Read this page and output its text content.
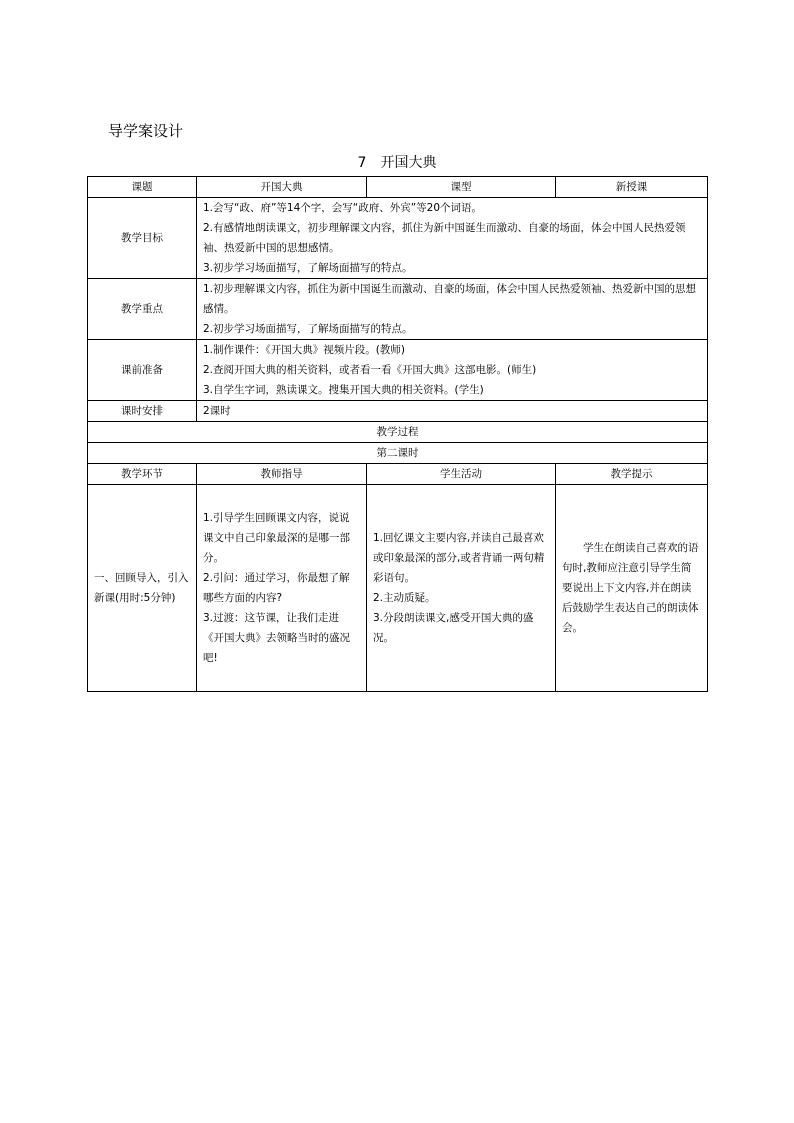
导学案设计
7 开国大典
课题	开国大典	课型	新授课
教学目标	1.会写“政、府”等14个字，会写“政府、外宾”等20个词语。
2.有感情地朗读课文，初步理解课文内容，抓住为新中国诞生而激动、自豪的场面，体会中国人民热爱领袖、热爱新中国的思想感情。
3.初步学习场面描写，了解场面描写的特点。		

教学重点	1.初步理解课文内容，抓住为新中国诞生而激动、自豪的场面，体会中国人民热爱领袖、热爱新中国的思想感情。
2.初步学习场面描写，了解场面描写的特点。		

课前准备	1.制作课件：《开国大典》视频片段。(教师)
2.查阅开国大典的相关资料，或者看一看《开国大典》这部电影。(师生)
3.自学生字词，熟读课文。搜集开国大典的相关资料。(学生)		

课时安排	2课时		
教学过程			
第二课时			
教学环节	教师指导	学生活动	教学提示
一、回顾导入，引入新课(用时:5分钟)	1.引导学生回顾课文内容，说说课文中自己印象最深的是哪一部分。
2.引问：通过学习，你最想了解哪些方面的内容?
3.过渡：这节课，让我们走进《开国大典》去领略当时的盛况吧!	1.回忆课文主要内容,并读自己最喜欢或印象最深的部分,或者背诵一两句精彩语句。
2.主动质疑。
3.分段朗读课文,感受开国大典的盛况。	学生在朗读自己喜欢的语句时,教师应注意引导学生简要说出上下文内容,并在朗读后鼓励学生表达自己的朗读体会。
